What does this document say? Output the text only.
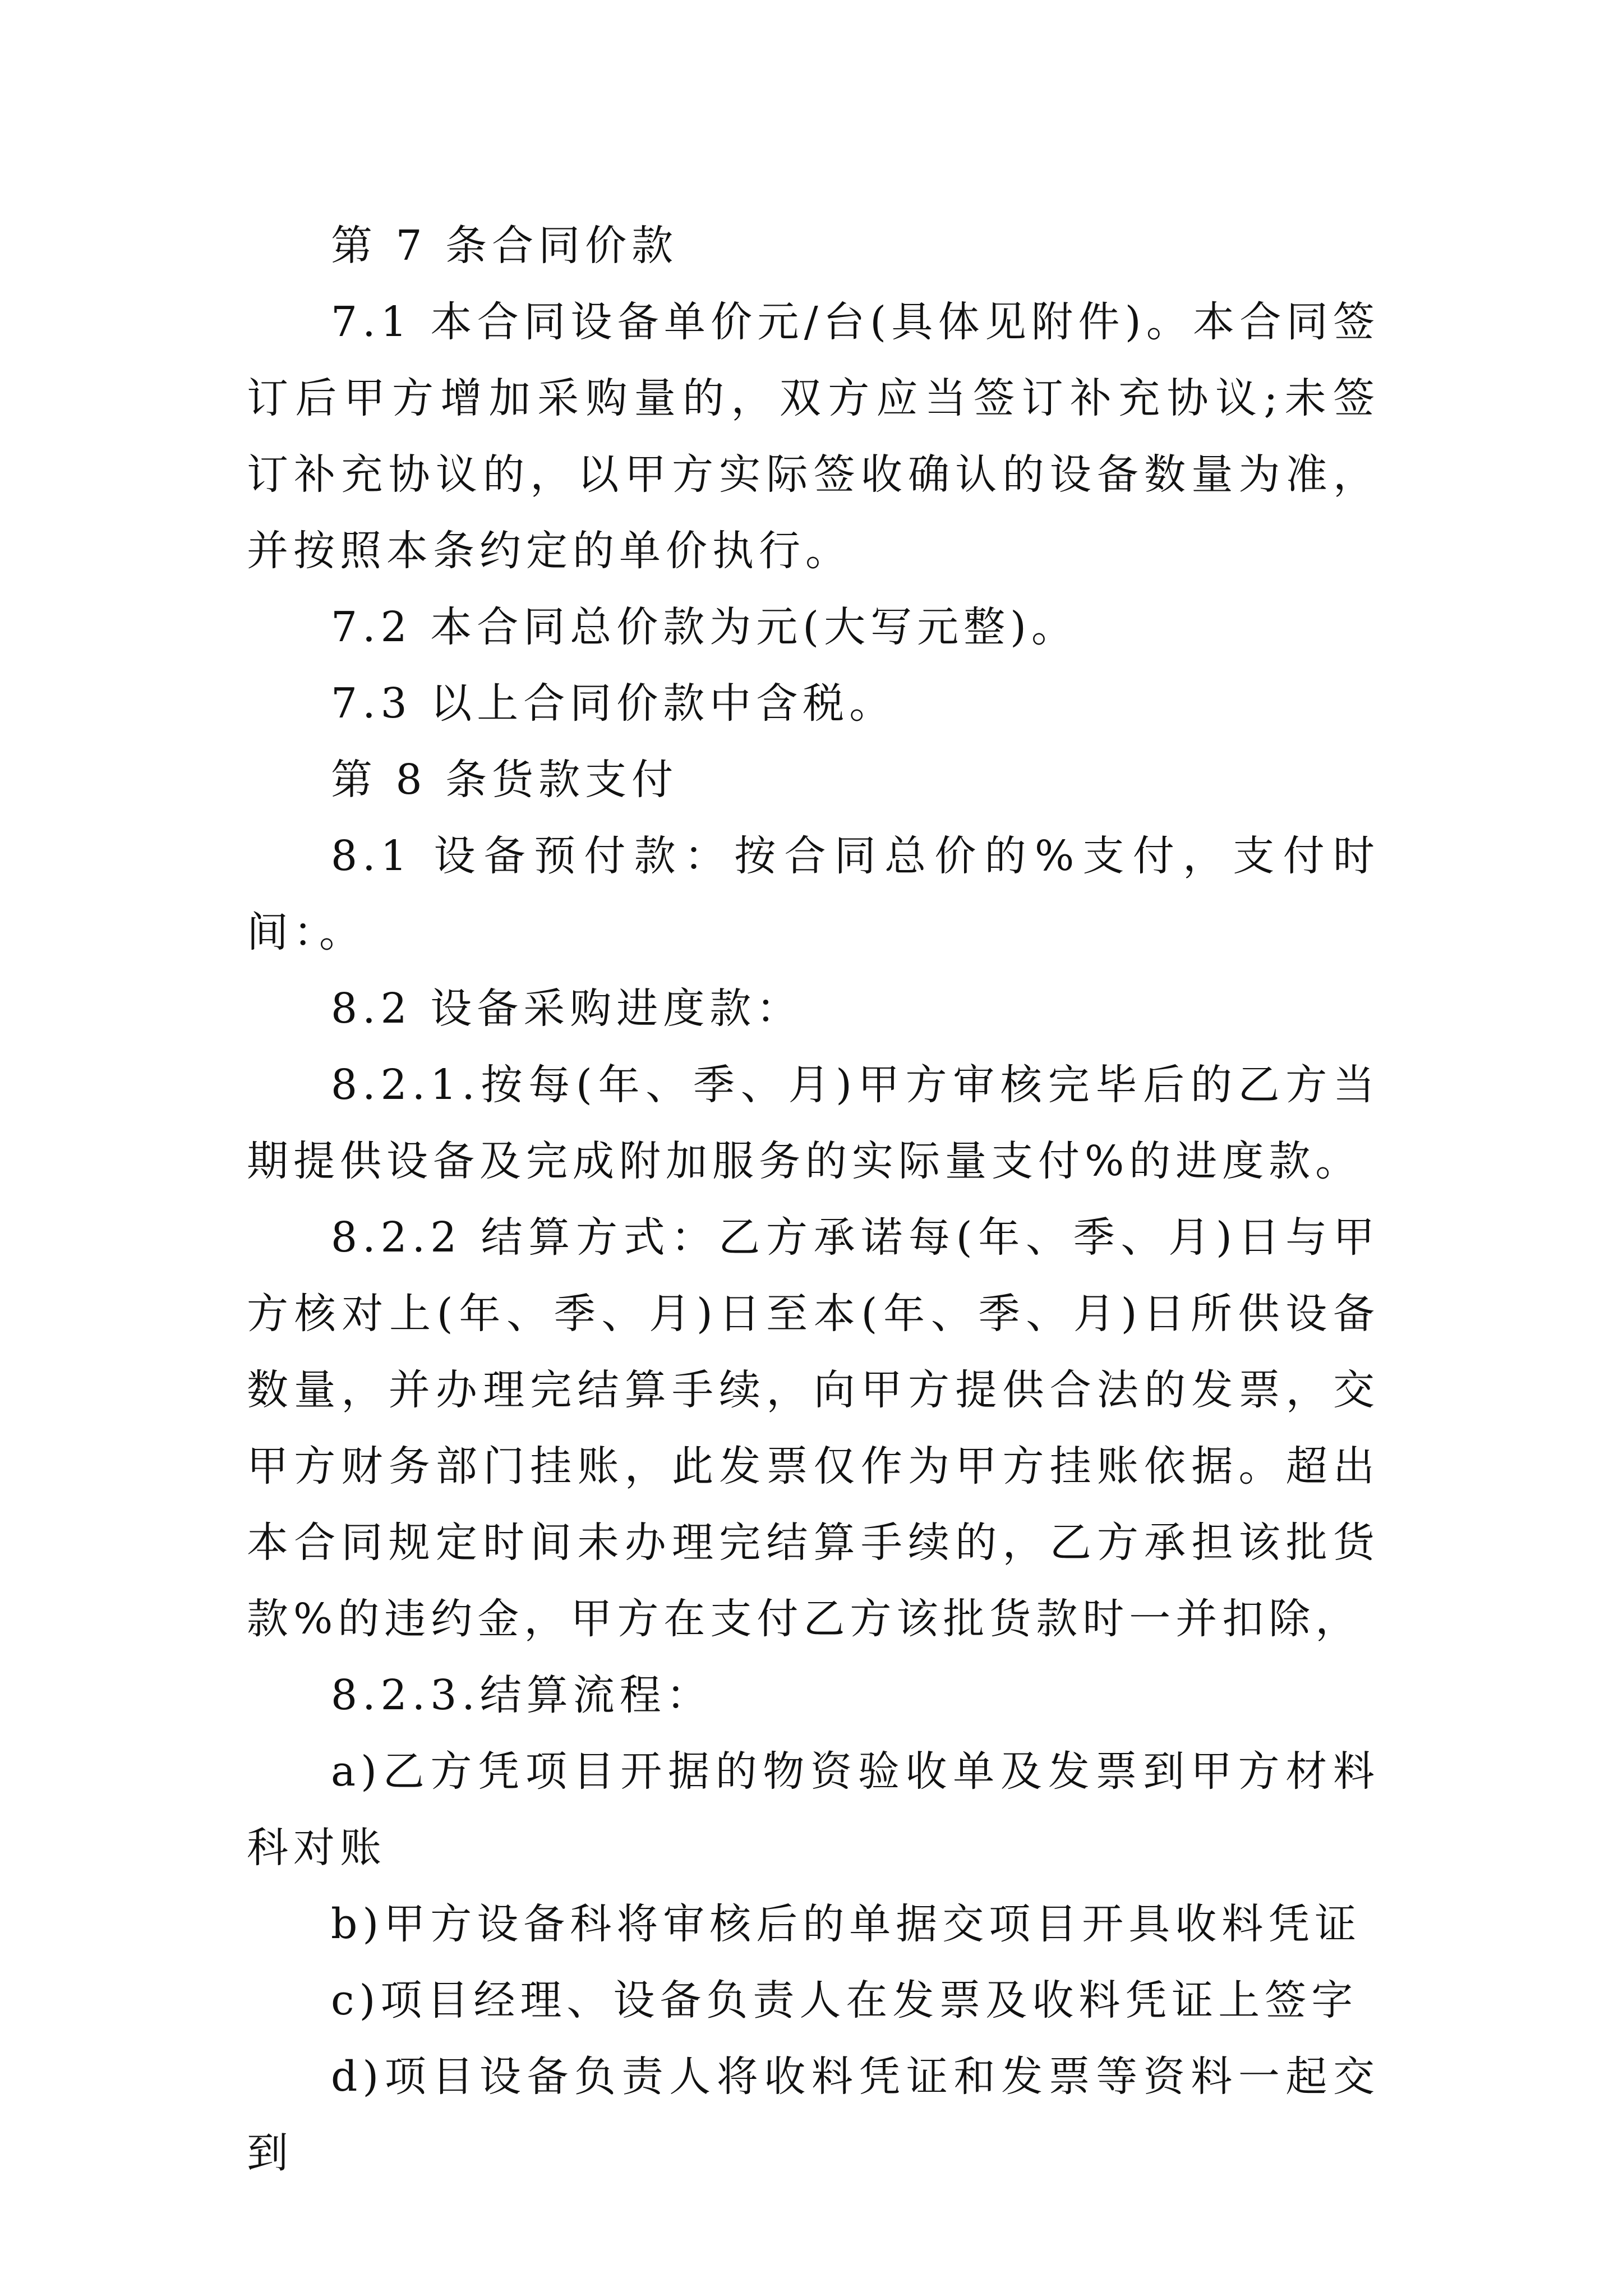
第 7 条合同价款

7.1 本合同设备单价元/台(具体见附件)。本合同签订后甲方增加采购量的，双方应当签订补充协议;未签订补充协议的，以甲方实际签收确认的设备数量为准，并按照本条约定的单价执行。

7.2 本合同总价款为元(大写元整)。

7.3 以上合同价款中含税。

第 8 条货款支付

8.1 设备预付款：按合同总价的%支付，支付时间：。

8.2 设备采购进度款：

8.2.1.按每(年、季、月)甲方审核完毕后的乙方当期提供设备及完成附加服务的实际量支付%的进度款。

8.2.2 结算方式：乙方承诺每(年、季、月)日与甲方核对上(年、季、月)日至本(年、季、月)日所供设备数量，并办理完结算手续，向甲方提供合法的发票，交甲方财务部门挂账，此发票仅作为甲方挂账依据。超出本合同规定时间未办理完结算手续的，乙方承担该批货款%的违约金，甲方在支付乙方该批货款时一并扣除，

8.2.3.结算流程：

a)乙方凭项目开据的物资验收单及发票到甲方材料科对账

b)甲方设备科将审核后的单据交项目开具收料凭证

c)项目经理、设备负责人在发票及收料凭证上签字

d)项目设备负责人将收料凭证和发票等资料一起交到
